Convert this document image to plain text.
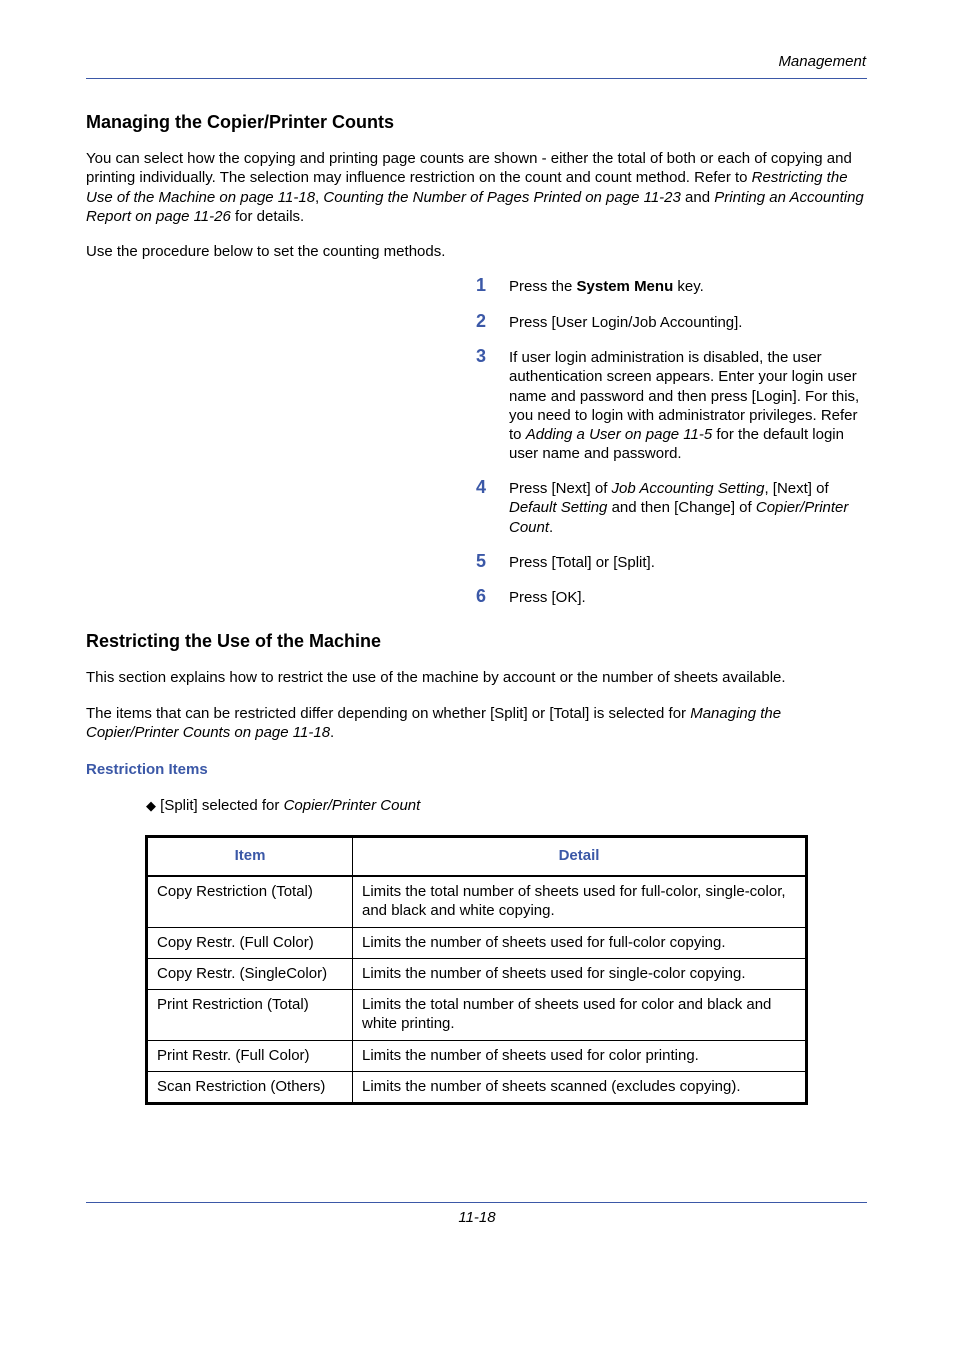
Management
Managing the Copier/Printer Counts
You can select how the copying and printing page counts are shown - either the total of both or each of copying and printing individually. The selection may influence restriction on the count and count method. Refer to Restricting the Use of the Machine on page 11-18, Counting the Number of Pages Printed on page 11-23 and Printing an Accounting Report on page 11-26 for details.
Use the procedure below to set the counting methods.
1 Press the System Menu key.
2 Press [User Login/Job Accounting].
3 If user login administration is disabled, the user authentication screen appears. Enter your login user name and password and then press [Login]. For this, you need to login with administrator privileges. Refer to Adding a User on page 11-5 for the default login user name and password.
4 Press [Next] of Job Accounting Setting, [Next] of Default Setting and then [Change] of Copier/Printer Count.
5 Press [Total] or [Split].
6 Press [OK].
Restricting the Use of the Machine
This section explains how to restrict the use of the machine by account or the number of sheets available.
The items that can be restricted differ depending on whether [Split] or [Total] is selected for Managing the Copier/Printer Counts on page 11-18.
Restriction Items
◆ [Split] selected for Copier/Printer Count
Item	Detail
Copy Restriction (Total)	Limits the total number of sheets used for full-color, single-color, and black and white copying.
Copy Restr. (Full Color)	Limits the number of sheets used for full-color copying.
Copy Restr. (SingleColor)	Limits the number of sheets used for single-color copying.
Print Restriction (Total)	Limits the total number of sheets used for color and black and white printing.
Print Restr. (Full Color)	Limits the number of sheets used for color printing.
Scan Restriction (Others)	Limits the number of sheets scanned (excludes copying).
11-18
